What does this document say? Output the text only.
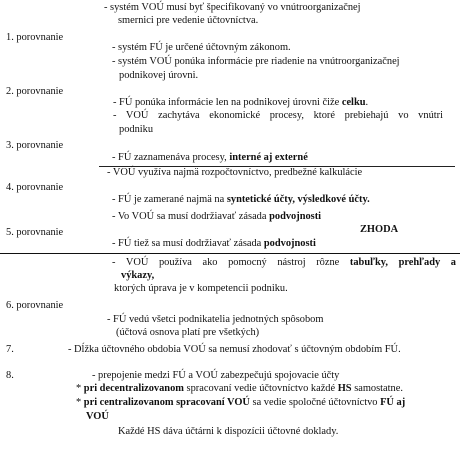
- systém VOÚ musí byť špecifikovaný vo vnútroorganizačnej
smernici pre vedenie účtovníctva.
1. porovnanie
- systém FÚ je určené účtovným zákonom.
- systém VOÚ ponúka informácie pre riadenie na vnútroorganizačnej
podnikovej úrovni.
2. porovnanie
- FÚ ponúka informácie len na podnikovej úrovni čiže celku.
- VOÚ zachytáva ekonomické procesy, ktoré prebiehajú vo vnútri
podniku
3. porovnanie
- FÚ zaznamenáva procesy, interné aj externé
- VOÚ využíva najmä rozpočtovníctvo, predbežné kalkulácie
4. porovnanie
- FÚ je zamerané najmä na syntetické účty, výsledkové účty.
- Vo VOÚ sa musí dodržiavať zásada podvojnosti
5. porovnanie	ZHODA
- FÚ tiež sa musí dodržiavať zásada podvojnosti
- VOÚ používa ako pomocný nástroj rôzne tabuľky, prehľady a
výkazy,
ktorých úprava je v kompetencii podniku.
6. porovnanie
- FÚ vedú všetci podnikatelia jednotných spôsobom
(účtová osnova platí pre všetkých)
7.	- Dĺžka účtovného obdobia VOÚ sa nemusí zhodovať s účtovným obdobím FÚ.
8.	- prepojenie medzi FÚ a VOÚ zabezpečujú spojovacie účty
* pri decentralizovanom spracovaní vedie účtovníctvo každé HS samostatne.
* pri centralizovanom spracovaní VOÚ sa vedie spoločné účtovníctvo FÚ aj
VOÚ
Každé HS dáva účtárni k dispozícii účtovné doklady.
